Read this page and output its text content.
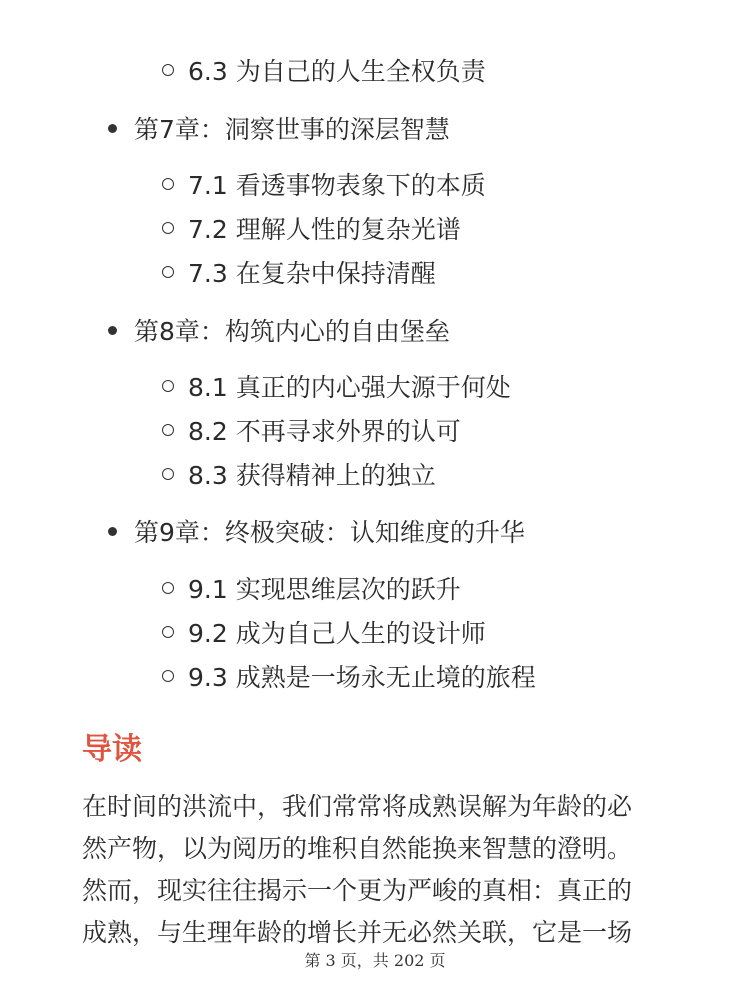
6.3 为自己的人生全权负责
第7章：洞察世事的深层智慧
7.1 看透事物表象下的本质
7.2 理解人性的复杂光谱
7.3 在复杂中保持清醒
第8章：构筑内心的自由堡垒
8.1 真正的内心强大源于何处
8.2 不再寻求外界的认可
8.3 获得精神上的独立
第9章：终极突破：认知维度的升华
9.1 实现思维层次的跃升
9.2 成为自己人生的设计师
9.3 成熟是一场永无止境的旅程
导读
在时间的洪流中，我们常常将成熟误解为年龄的必
然产物，以为阅历的堆积自然能换来智慧的澄明。
然而，现实往往揭示一个更为严峻的真相：真正的
成熟，与生理年龄的增长并无必然关联，它是一场
第 3 页，共 202 页
